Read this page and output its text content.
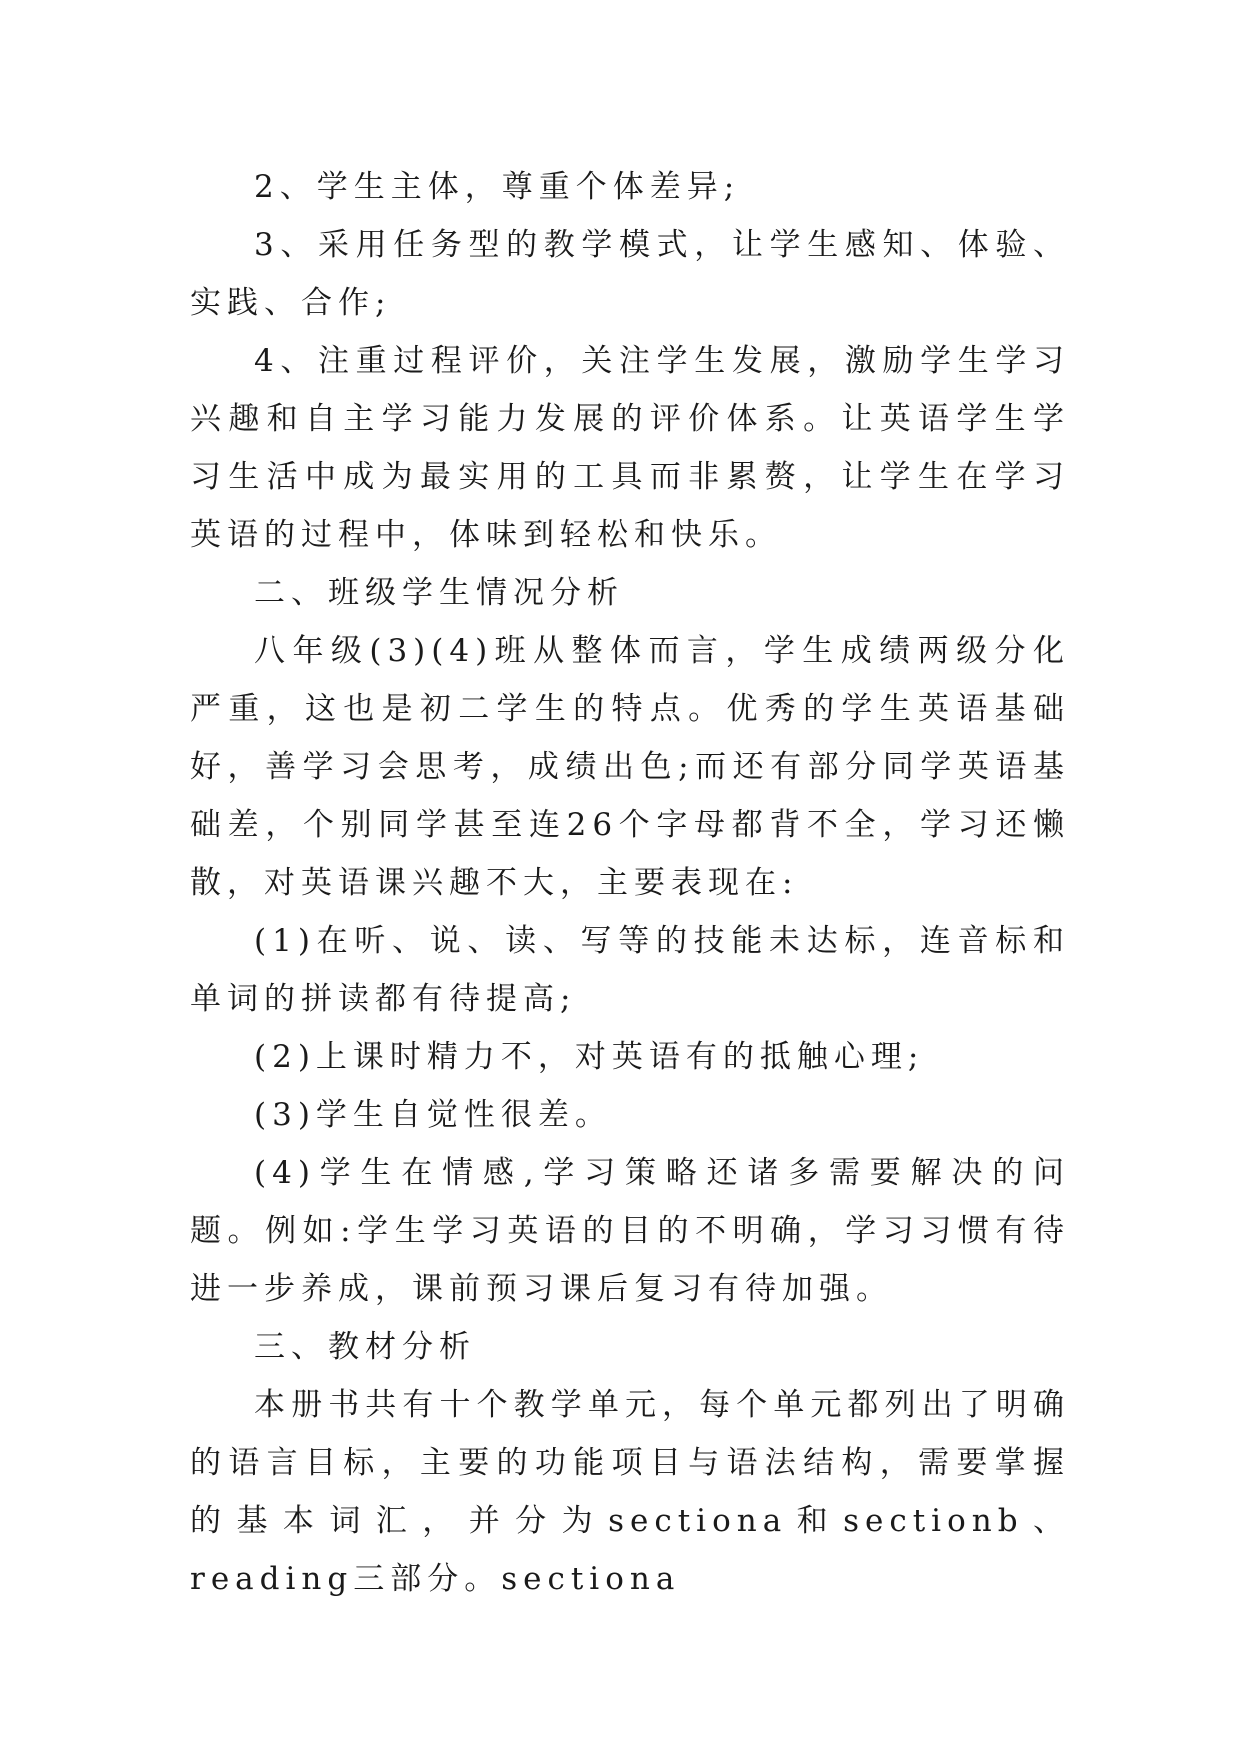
2、学生主体，尊重个体差异;

3、采用任务型的教学模式，让学生感知、体验、实践、合作;

4、注重过程评价，关注学生发展，激励学生学习兴趣和自主学习能力发展的评价体系。让英语学生学习生活中成为最实用的工具而非累赘，让学生在学习英语的过程中，体味到轻松和快乐。

二、班级学生情况分析

八年级(3)(4)班从整体而言，学生成绩两级分化严重，这也是初二学生的特点。优秀的学生英语基础好，善学习会思考，成绩出色;而还有部分同学英语基础差，个别同学甚至连26个字母都背不全，学习还懒散，对英语课兴趣不大，主要表现在:

(1)在听、说、读、写等的技能未达标，连音标和单词的拼读都有待提高;

(2)上课时精力不，对英语有的抵触心理;

(3)学生自觉性很差。

(4)学生在情感,学习策略还诸多需要解决的问题。例如:学生学习英语的目的不明确，学习习惯有待进一步养成，课前预习课后复习有待加强。

三、教材分析

本册书共有十个教学单元，每个单元都列出了明确的语言目标，主要的功能项目与语法结构，需要掌握的基本词汇，并分为sectiona和sectionb、reading三部分。sectiona
